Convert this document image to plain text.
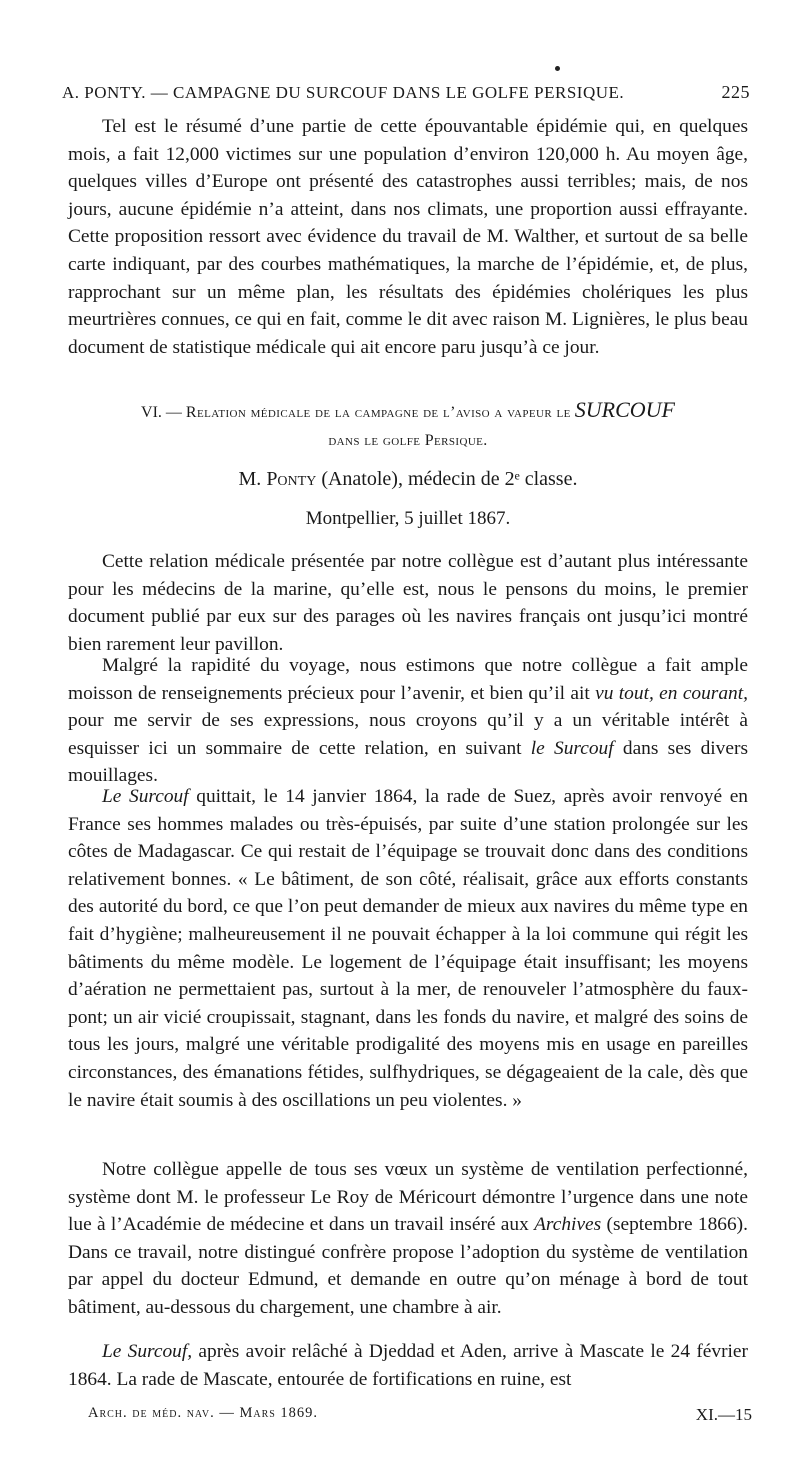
A. PONTY. — CAMPAGNE DU SURCOUF DANS LE GOLFE PERSIQUE.	225
Tel est le résumé d’une partie de cette épouvantable épidémie qui, en quelques mois, a fait 12,000 victimes sur une population d’environ 120,000 h. Au moyen âge, quelques villes d’Europe ont présenté des catastrophes aussi terribles; mais, de nos jours, aucune épidémie n’a atteint, dans nos climats, une proportion aussi effrayante. Cette proposition ressort avec évidence du travail de M. Walther, et surtout de sa belle carte indiquant, par des courbes mathématiques, la marche de l’épidémie, et, de plus, rapprochant sur un même plan, les résultats des épidémies cholériques les plus meurtrières connues, ce qui en fait, comme le dit avec raison M. Lignières, le plus beau document de statistique médicale qui ait encore paru jusqu’à ce jour.
VI. — Relation médicale de la campagne de l’aviso a vapeur le SURCOUF
dans le golfe Persique.
M. Ponty (Anatole), médecin de 2ᵉ classe.
Montpellier, 5 juillet 1867.
Cette relation médicale présentée par notre collègue est d’autant plus intéressante pour les médecins de la marine, qu’elle est, nous le pensons du moins, le premier document publié par eux sur des parages où les navires français ont jusqu’ici montré bien rarement leur pavillon.
Malgré la rapidité du voyage, nous estimons que notre collègue a fait ample moisson de renseignements précieux pour l’avenir, et bien qu’il ait vu tout, en courant, pour me servir de ses expressions, nous croyons qu’il y a un véritable intérêt à esquisser ici un sommaire de cette relation, en suivant le Surcouf dans ses divers mouillages.
Le Surcouf quittait, le 14 janvier 1864, la rade de Suez, après avoir renvoyé en France ses hommes malades ou très-épuisés, par suite d’une station prolongée sur les côtes de Madagascar. Ce qui restait de l’équipage se trouvait donc dans des conditions relativement bonnes. « Le bâtiment, de son côté, réalisait, grâce aux efforts constants des autorité du bord, ce que l’on peut demander de mieux aux navires du même type en fait d’hygiène; malheureusement il ne pouvait échapper à la loi commune qui régit les bâtiments du même modèle. Le logement de l’équipage était insuffisant; les moyens d’aération ne permettaient pas, surtout à la mer, de renouveler l’atmosphère du faux-pont; un air vicié croupissait, stagnant, dans les fonds du navire, et malgré des soins de tous les jours, malgré une véritable prodigalité des moyens mis en usage en pareilles circonstances, des émanations fétides, sulfhydriques, se dégageaient de la cale, dès que le navire était soumis à des oscillations un peu violentes. »
Notre collègue appelle de tous ses vœux un système de ventilation perfectionné, système dont M. le professeur Le Roy de Méricourt démontre l’urgence dans une note lue à l’Académie de médecine et dans un travail inséré aux Archives (septembre 1866). Dans ce travail, notre distingué confrère propose l’adoption du système de ventilation par appel du docteur Edmund, et demande en outre qu’on ménage à bord de tout bâtiment, au-dessous du chargement, une chambre à air.
Le Surcouf, après avoir relâché à Djeddad et Aden, arrive à Mascate le 24 février 1864. La rade de Mascate, entourée de fortifications en ruine, est
Arch. de méd. nav. — Mars 1869.	XI.—15
